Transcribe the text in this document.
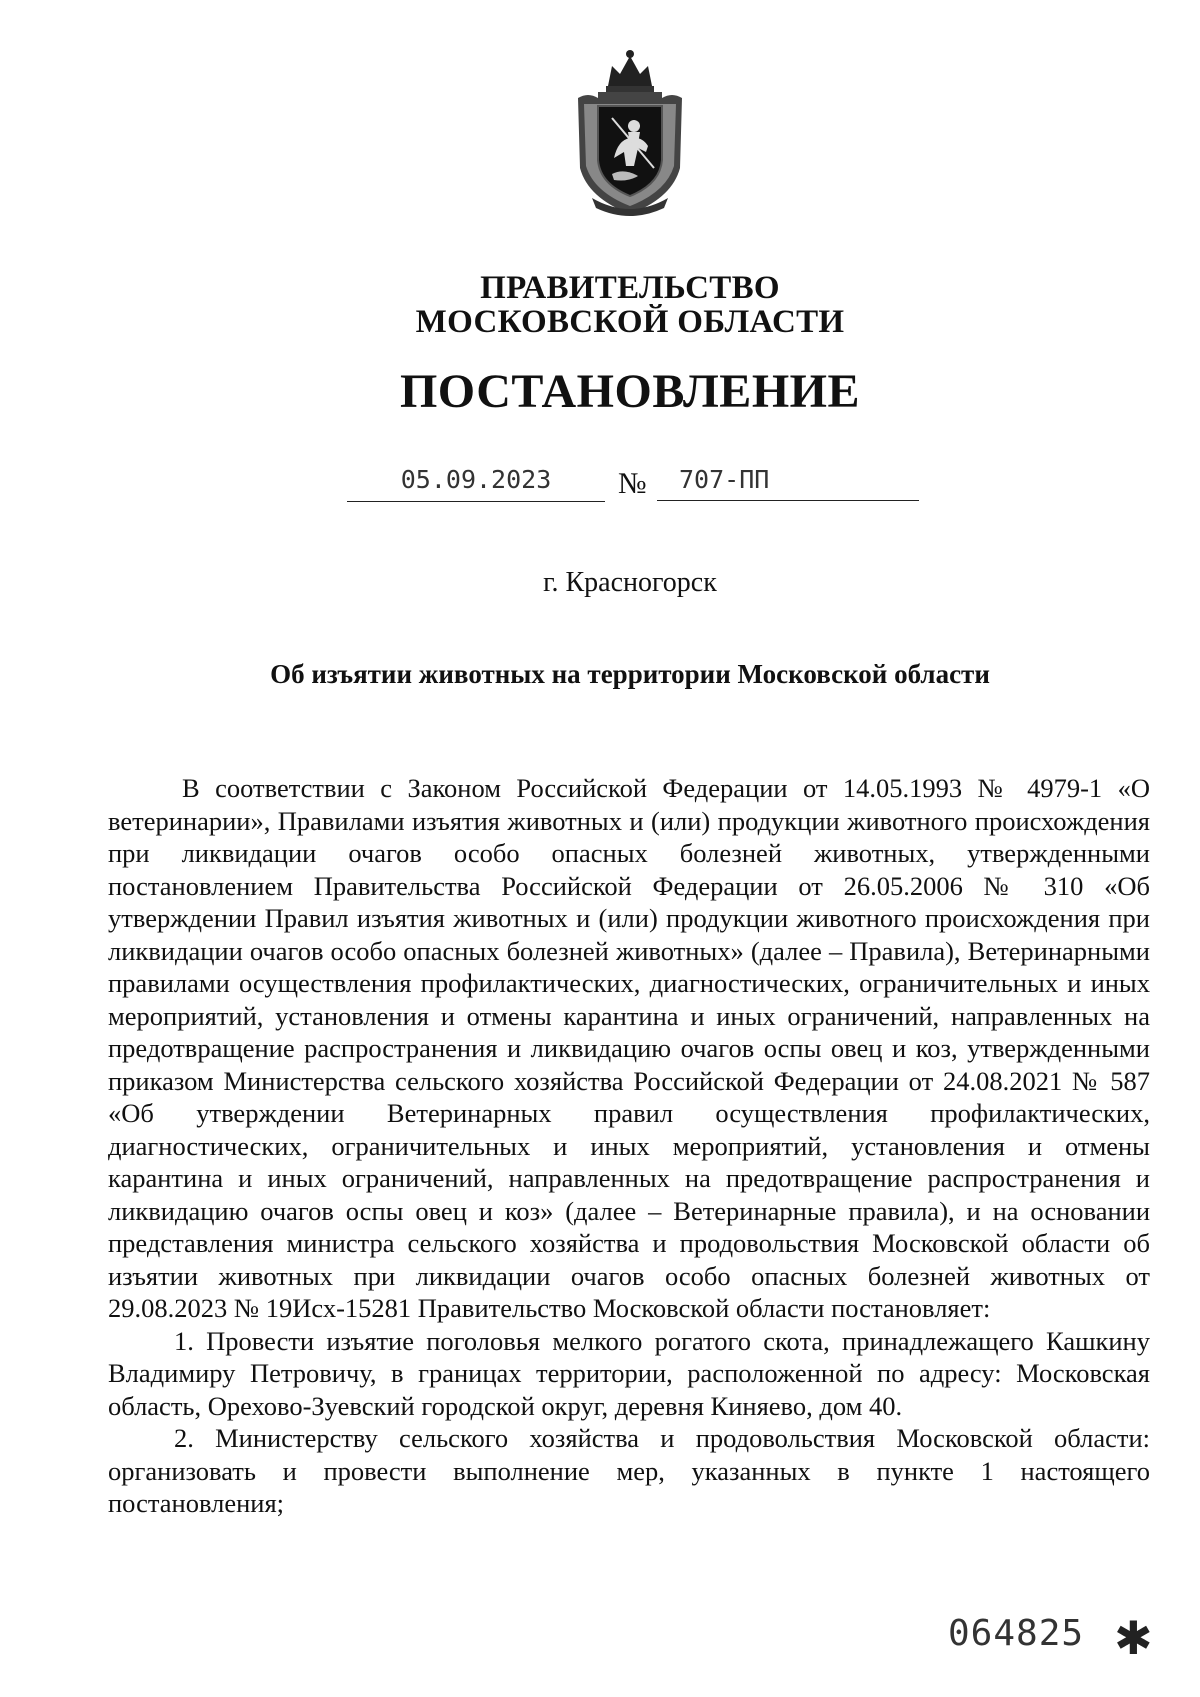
ПРАВИТЕЛЬСТВО
МОСКОВСКОЙ ОБЛАСТИ
ПОСТАНОВЛЕНИЕ
05.09.2023	№	707-ПП
г. Красногорск
Об изъятии животных на территории Московской области

В соответствии с Законом Российской Федерации от 14.05.1993 № 4979-1 «О ветеринарии», Правилами изъятия животных и (или) продукции животного происхождения при ликвидации очагов особо опасных болезней животных, утвержденными постановлением Правительства Российской Федерации от 26.05.2006 № 310 «Об утверждении Правил изъятия животных и (или) продукции животного происхождения при ликвидации очагов особо опасных болезней животных» (далее – Правила), Ветеринарными правилами осуществления профилактических, диагностических, ограничительных и иных мероприятий, установления и отмены карантина и иных ограничений, направленных на предотвращение распространения и ликвидацию очагов оспы овец и коз, утвержденными приказом Министерства сельского хозяйства Российской Федерации от 24.08.2021 № 587 «Об утверждении Ветеринарных правил осуществления профилактических, диагностических, ограничительных и иных мероприятий, установления и отмены карантина и иных ограничений, направленных на предотвращение распространения и ликвидацию очагов оспы овец и коз» (далее – Ветеринарные правила), и на основании представления министра сельского хозяйства и продовольствия Московской области об изъятии животных при ликвидации очагов особо опасных болезней животных от 29.08.2023 № 19Исх-15281 Правительство Московской области постановляет:

1. Провести изъятие поголовья мелкого рогатого скота, принадлежащего Кашкину Владимиру Петровичу, в границах территории, расположенной по адресу: Московская область, Орехово-Зуевский городской округ, деревня Киняево, дом 40.

2. Министерству сельского хозяйства и продовольствия Московской области: организовать и провести выполнение мер, указанных в пункте 1 настоящего постановления;

064825 ✱
